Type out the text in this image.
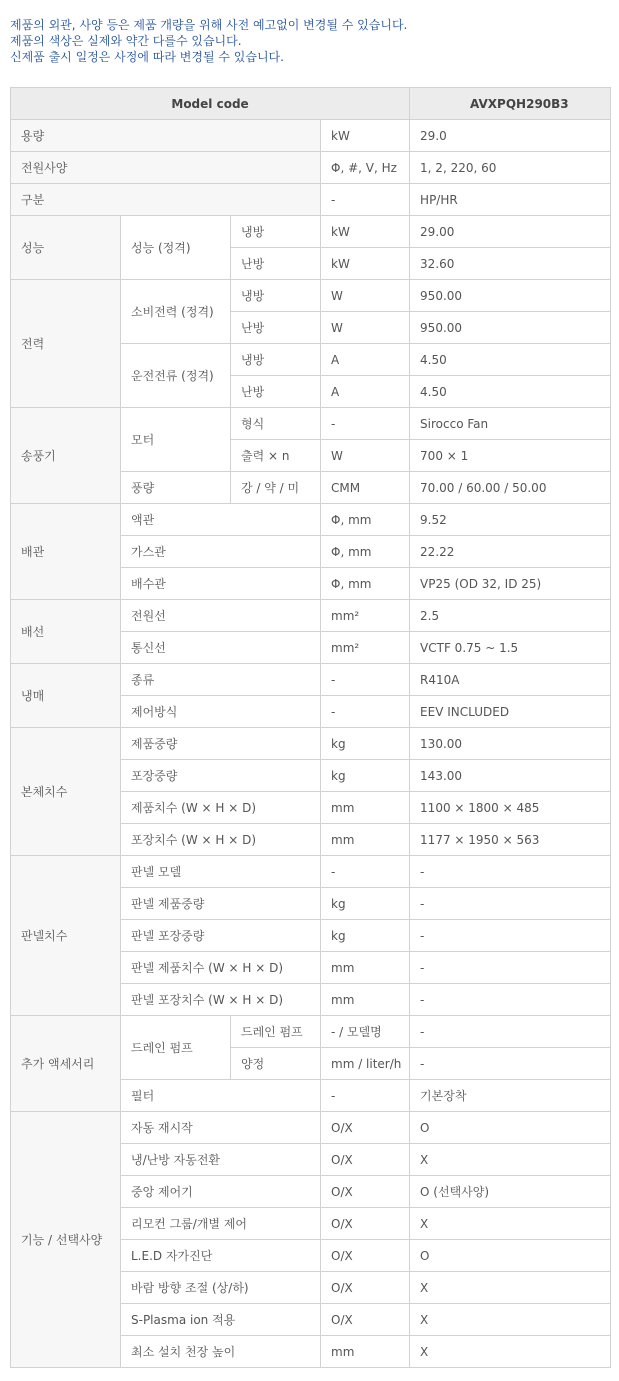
제품의 외관, 사양 등은 제품 개량을 위해 사전 예고없이 변경될 수 있습니다.
제품의 색상은 실제와 약간 다를수 있습니다.
신제품 출시 일정은 사정에 따라 변경될 수 있습니다.
Model code				AVXPQH290B3
용량			kW	29.0
전원사양			Φ, #, V, Hz	1, 2, 220, 60
구분			-	HP/HR
성능	성능 (정격)	냉방	kW	29.00
		난방	kW	32.60
전력	소비전력 (정격)	냉방	W	950.00
		난방	W	950.00
	운전전류 (정격)	냉방	A	4.50
		난방	A	4.50
송풍기	모터	형식	-	Sirocco Fan
		출력 × n	W	700 × 1
	풍량	강 / 약 / 미	CMM	70.00 / 60.00 / 50.00
배관	액관		Φ, mm	9.52
	가스관		Φ, mm	22.22
	배수관		Φ, mm	VP25 (OD 32, ID 25)
배선	전원선		mm²	2.5
	통신선		mm²	VCTF 0.75 ~ 1.5
냉매	종류		-	R410A
	제어방식		-	EEV INCLUDED
본체치수	제품중량		kg	130.00
	포장중량		kg	143.00
	제품치수 (W × H × D)		mm	1100 × 1800 × 485
	포장치수 (W × H × D)		mm	1177 × 1950 × 563
판넬치수	판넬 모델		-	-
	판넬 제품중량		kg	-
	판넬 포장중량		kg	-
	판넬 제품치수 (W × H × D)		mm	-
	판넬 포장치수 (W × H × D)		mm	-
추가 액세서리	드레인 펌프	드레인 펌프	- / 모델명	-
		양정	mm / liter/h	-
	필터		-	기본장착
기능 / 선택사양	자동 재시작		O/X	O
	냉/난방 자동전환		O/X	X
	중앙 제어기		O/X	O (선택사양)
	리모컨 그룹/개별 제어		O/X	X
	L.E.D 자가진단		O/X	O
	바람 방향 조절 (상/하)		O/X	X
	S-Plasma ion 적용		O/X	X
	최소 설치 천장 높이		mm	X
